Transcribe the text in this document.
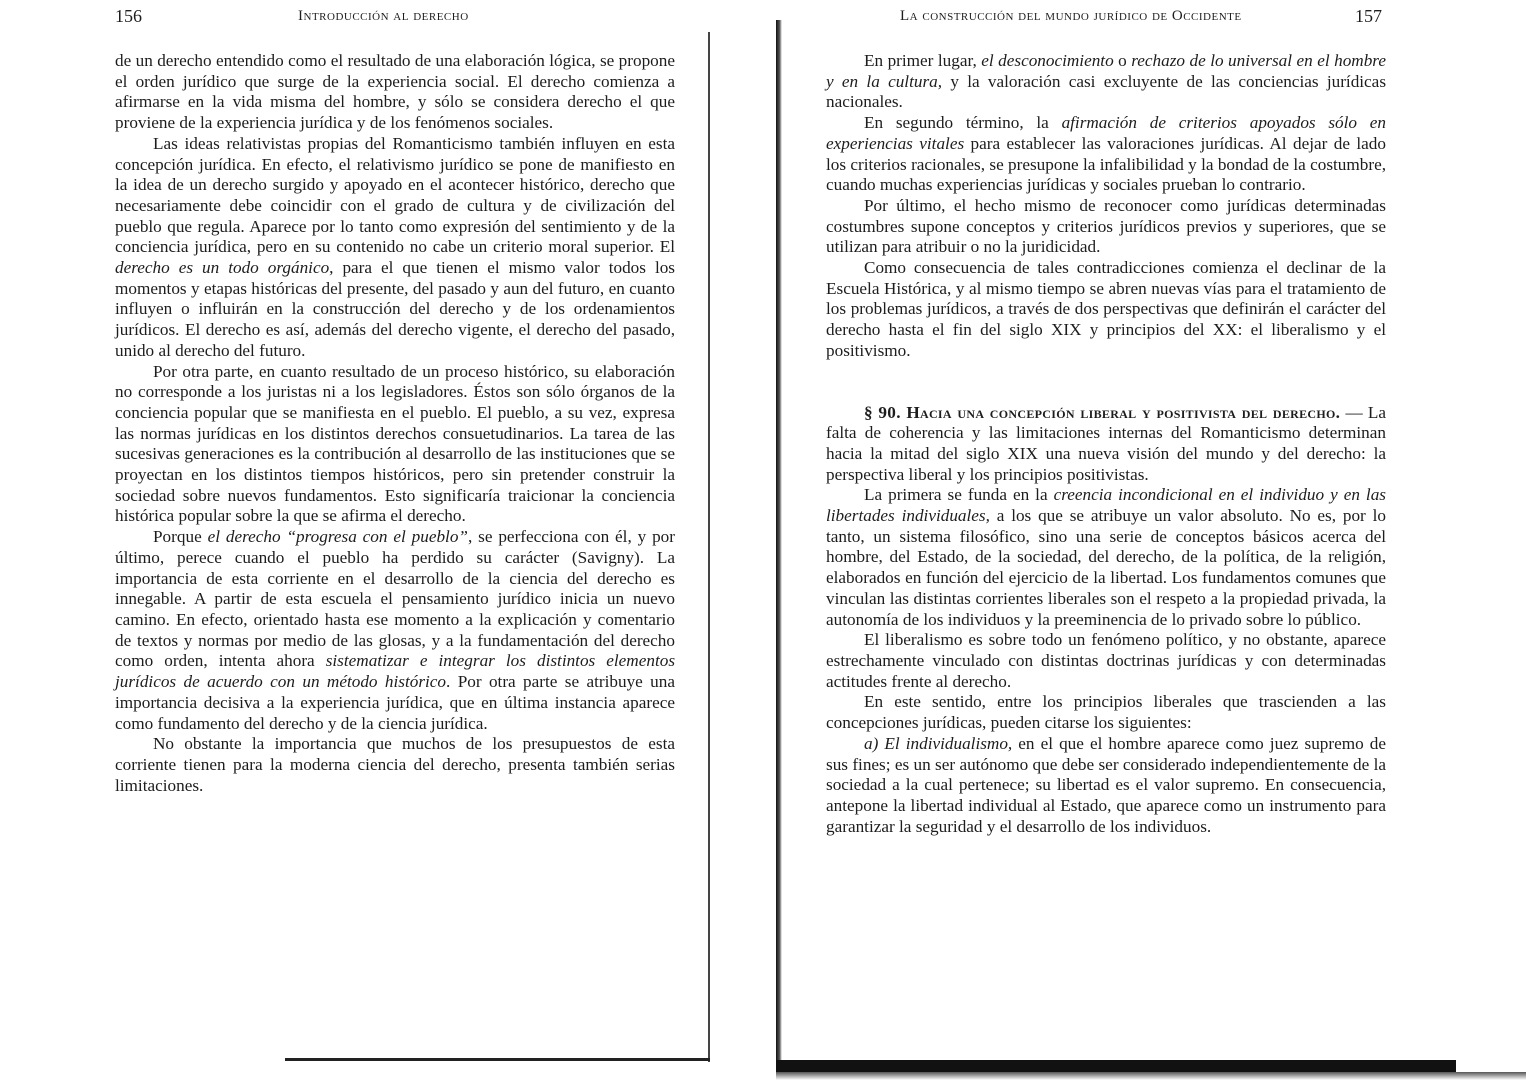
156	Introducción al derecho

de un derecho entendido como el resultado de una elaboración lógica, se propone el orden jurídico que surge de la experiencia social. El derecho comienza a afirmarse en la vida misma del hombre, y sólo se considera derecho el que proviene de la experiencia jurídica y de los fenómenos sociales.

Las ideas relativistas propias del Romanticismo también influyen en esta concepción jurídica. En efecto, el relativismo jurídico se pone de manifiesto en la idea de un derecho surgido y apoyado en el acontecer histórico, derecho que necesariamente debe coincidir con el grado de cultura y de civilización del pueblo que regula. Aparece por lo tanto como expresión del sentimiento y de la conciencia jurídica, pero en su contenido no cabe un criterio moral superior. El derecho es un todo orgánico, para el que tienen el mismo valor todos los momentos y etapas históricas del presente, del pasado y aun del futuro, en cuanto influyen o influirán en la construcción del derecho y de los ordenamientos jurídicos. El derecho es así, además del derecho vigente, el derecho del pasado, unido al derecho del futuro.

Por otra parte, en cuanto resultado de un proceso histórico, su elaboración no corresponde a los juristas ni a los legisladores. Éstos son sólo órganos de la conciencia popular que se manifiesta en el pueblo. El pueblo, a su vez, expresa las normas jurídicas en los distintos derechos consuetudinarios. La tarea de las sucesivas generaciones es la contribución al desarrollo de las instituciones que se proyectan en los distintos tiempos históricos, pero sin pretender construir la sociedad sobre nuevos fundamentos. Esto significaría traicionar la conciencia histórica popular sobre la que se afirma el derecho.

Porque el derecho “progresa con el pueblo”, se perfecciona con él, y por último, perece cuando el pueblo ha perdido su carácter (Savigny). La importancia de esta corriente en el desarrollo de la ciencia del derecho es innegable. A partir de esta escuela el pensamiento jurídico inicia un nuevo camino. En efecto, orientado hasta ese momento a la explicación y comentario de textos y normas por medio de las glosas, y a la fundamentación del derecho como orden, intenta ahora sistematizar e integrar los distintos elementos jurídicos de acuerdo con un método histórico. Por otra parte se atribuye una importancia decisiva a la experiencia jurídica, que en última instancia aparece como fundamento del derecho y de la ciencia jurídica.

No obstante la importancia que muchos de los presupuestos de esta corriente tienen para la moderna ciencia del derecho, presenta también serias limitaciones.

La construcción del mundo jurídico de Occidente	157

En primer lugar, el desconocimiento o rechazo de lo universal en el hombre y en la cultura, y la valoración casi excluyente de las conciencias jurídicas nacionales.

En segundo término, la afirmación de criterios apoyados sólo en experiencias vitales para establecer las valoraciones jurídicas. Al dejar de lado los criterios racionales, se presupone la infalibilidad y la bondad de la costumbre, cuando muchas experiencias jurídicas y sociales prueban lo contrario.

Por último, el hecho mismo de reconocer como jurídicas determinadas costumbres supone conceptos y criterios jurídicos previos y superiores, que se utilizan para atribuir o no la juridicidad.

Como consecuencia de tales contradicciones comienza el declinar de la Escuela Histórica, y al mismo tiempo se abren nuevas vías para el tratamiento de los problemas jurídicos, a través de dos perspectivas que definirán el carácter del derecho hasta el fin del siglo XIX y principios del XX: el liberalismo y el positivismo.

§ 90. Hacia una concepción liberal y positivista del derecho. — La falta de coherencia y las limitaciones internas del Romanticismo determinan hacia la mitad del siglo XIX una nueva visión del mundo y del derecho: la perspectiva liberal y los principios positivistas.

La primera se funda en la creencia incondicional en el individuo y en las libertades individuales, a los que se atribuye un valor absoluto. No es, por lo tanto, un sistema filosófico, sino una serie de conceptos básicos acerca del hombre, del Estado, de la sociedad, del derecho, de la política, de la religión, elaborados en función del ejercicio de la libertad. Los fundamentos comunes que vinculan las distintas corrientes liberales son el respeto a la propiedad privada, la autonomía de los individuos y la preeminencia de lo privado sobre lo público.

El liberalismo es sobre todo un fenómeno político, y no obstante, aparece estrechamente vinculado con distintas doctrinas jurídicas y con determinadas actitudes frente al derecho.

En este sentido, entre los principios liberales que trascienden a las concepciones jurídicas, pueden citarse los siguientes:

a) El individualismo, en el que el hombre aparece como juez supremo de sus fines; es un ser autónomo que debe ser considerado independientemente de la sociedad a la cual pertenece; su libertad es el valor supremo. En consecuencia, antepone la libertad individual al Estado, que aparece como un instrumento para garantizar la seguridad y el desarrollo de los individuos.
